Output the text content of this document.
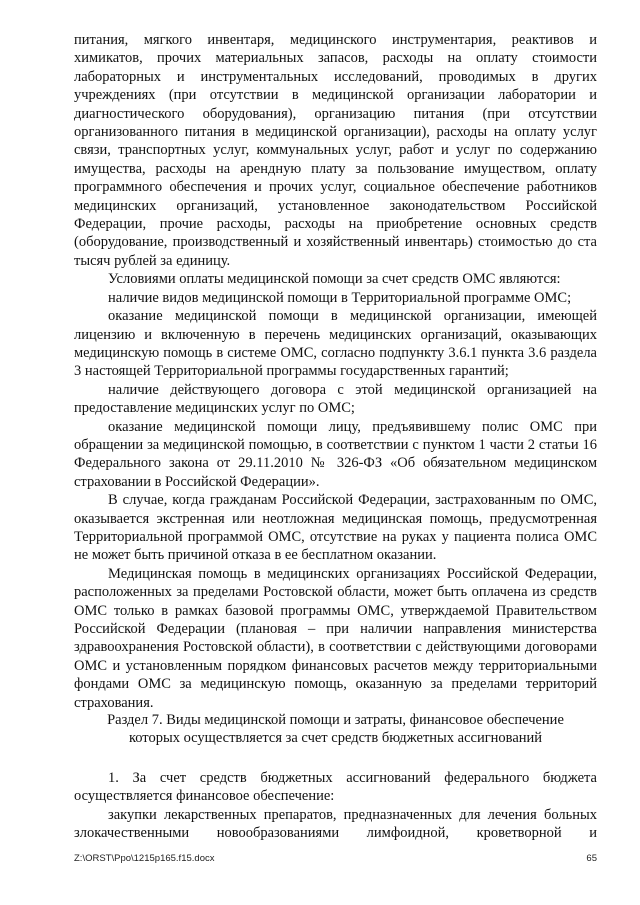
питания, мягкого инвентаря, медицинского инструментария, реактивов и химикатов, прочих материальных запасов, расходы на оплату стоимости лабораторных и инструментальных исследований, проводимых в других учреждениях (при отсутствии в медицинской организации лаборатории и диагностического оборудования), организацию питания (при отсутствии организованного питания в медицинской организации), расходы на оплату услуг связи, транспортных услуг, коммунальных услуг, работ и услуг по содержанию имущества, расходы на арендную плату за пользование имуществом, оплату программного обеспечения и прочих услуг, социальное обеспечение работников медицинских организаций, установленное законодательством Российской Федерации, прочие расходы, расходы на приобретение основных средств (оборудование, производственный и хозяйственный инвентарь) стоимостью до ста тысяч рублей за единицу.

Условиями оплаты медицинской помощи за счет средств ОМС являются:

наличие видов медицинской помощи в Территориальной программе ОМС;

оказание медицинской помощи в медицинской организации, имеющей лицензию и включенную в перечень медицинских организаций, оказывающих медицинскую помощь в системе ОМС, согласно подпункту 3.6.1 пункта 3.6 раздела 3 настоящей Территориальной программы государственных гарантий;

наличие действующего договора с этой медицинской организацией на предоставление медицинских услуг по ОМС;

оказание медицинской помощи лицу, предъявившему полис ОМС при обращении за медицинской помощью, в соответствии с пунктом 1 части 2 статьи 16 Федерального закона от 29.11.2010 № 326-ФЗ «Об обязательном медицинском страховании в Российской Федерации».

В случае, когда гражданам Российской Федерации, застрахованным по ОМС, оказывается экстренная или неотложная медицинская помощь, предусмотренная Территориальной программой ОМС, отсутствие на руках у пациента полиса ОМС не может быть причиной отказа в ее бесплатном оказании.

Медицинская помощь в медицинских организациях Российской Федерации, расположенных за пределами Ростовской области, может быть оплачена из средств ОМС только в рамках базовой программы ОМС, утверждаемой Правительством Российской Федерации (плановая – при наличии направления министерства здравоохранения Ростовской области), в соответствии с действующими договорами ОМС и установленным порядком финансовых расчетов между территориальными фондами ОМС за медицинскую помощь, оказанную за пределами территорий страхования.

Раздел 7. Виды медицинской помощи и затраты, финансовое обеспечение
которых осуществляется за счет средств бюджетных ассигнований

1. За счет средств бюджетных ассигнований федерального бюджета осуществляется финансовое обеспечение:

закупки лекарственных препаратов, предназначенных для лечения больных злокачественными новообразованиями лимфоидной, кроветворной и

Z:\ORST\Ppo\1215p165.f15.docx	65
